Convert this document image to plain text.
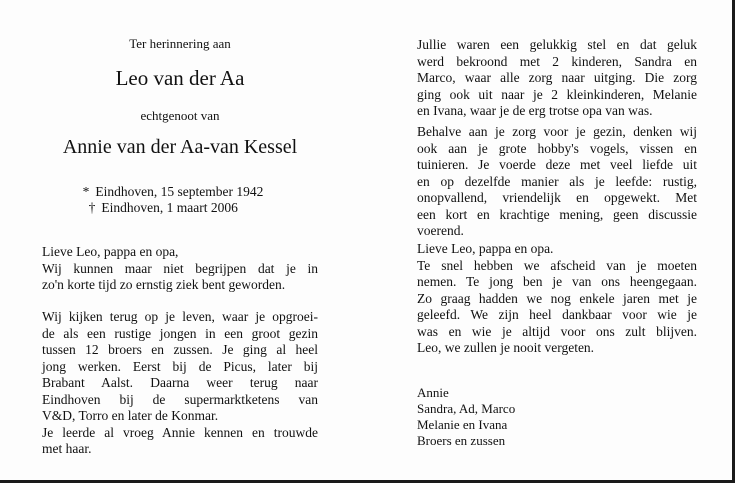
Ter herinnering aan
Leo van der Aa
echtgenoot van
Annie van der Aa-van Kessel
* Eindhoven, 15 september 1942
† Eindhoven, 1 maart 2006
Lieve Leo, pappa en opa,
Wij kunnen maar niet begrijpen dat je in
zo'n korte tijd zo ernstig ziek bent geworden.
Wij kijken terug op je leven, waar je opgroei-
de als een rustige jongen in een groot gezin
tussen 12 broers en zussen. Je ging al heel
jong werken. Eerst bij de Picus, later bij
Brabant Aalst. Daarna weer terug naar
Eindhoven bij de supermarktketens van
V&D, Torro en later de Konmar.
Je leerde al vroeg Annie kennen en trouwde
met haar.
Jullie waren een gelukkig stel en dat geluk
werd bekroond met 2 kinderen, Sandra en
Marco, waar alle zorg naar uitging. Die zorg
ging ook uit naar je 2 kleinkinderen, Melanie
en Ivana, waar je de erg trotse opa van was.
Behalve aan je zorg voor je gezin, denken wij
ook aan je grote hobby's vogels, vissen en
tuinieren. Je voerde deze met veel liefde uit
en op dezelfde manier als je leefde: rustig,
onopvallend, vriendelijk en opgewekt. Met
een kort en krachtige mening, geen discussie
voerend.
Lieve Leo, pappa en opa.
Te snel hebben we afscheid van je moeten
nemen. Te jong ben je van ons heengegaan.
Zo graag hadden we nog enkele jaren met je
geleefd. We zijn heel dankbaar voor wie je
was en wie je altijd voor ons zult blijven.
Leo, we zullen je nooit vergeten.
Annie
Sandra, Ad, Marco
Melanie en Ivana
Broers en zussen
